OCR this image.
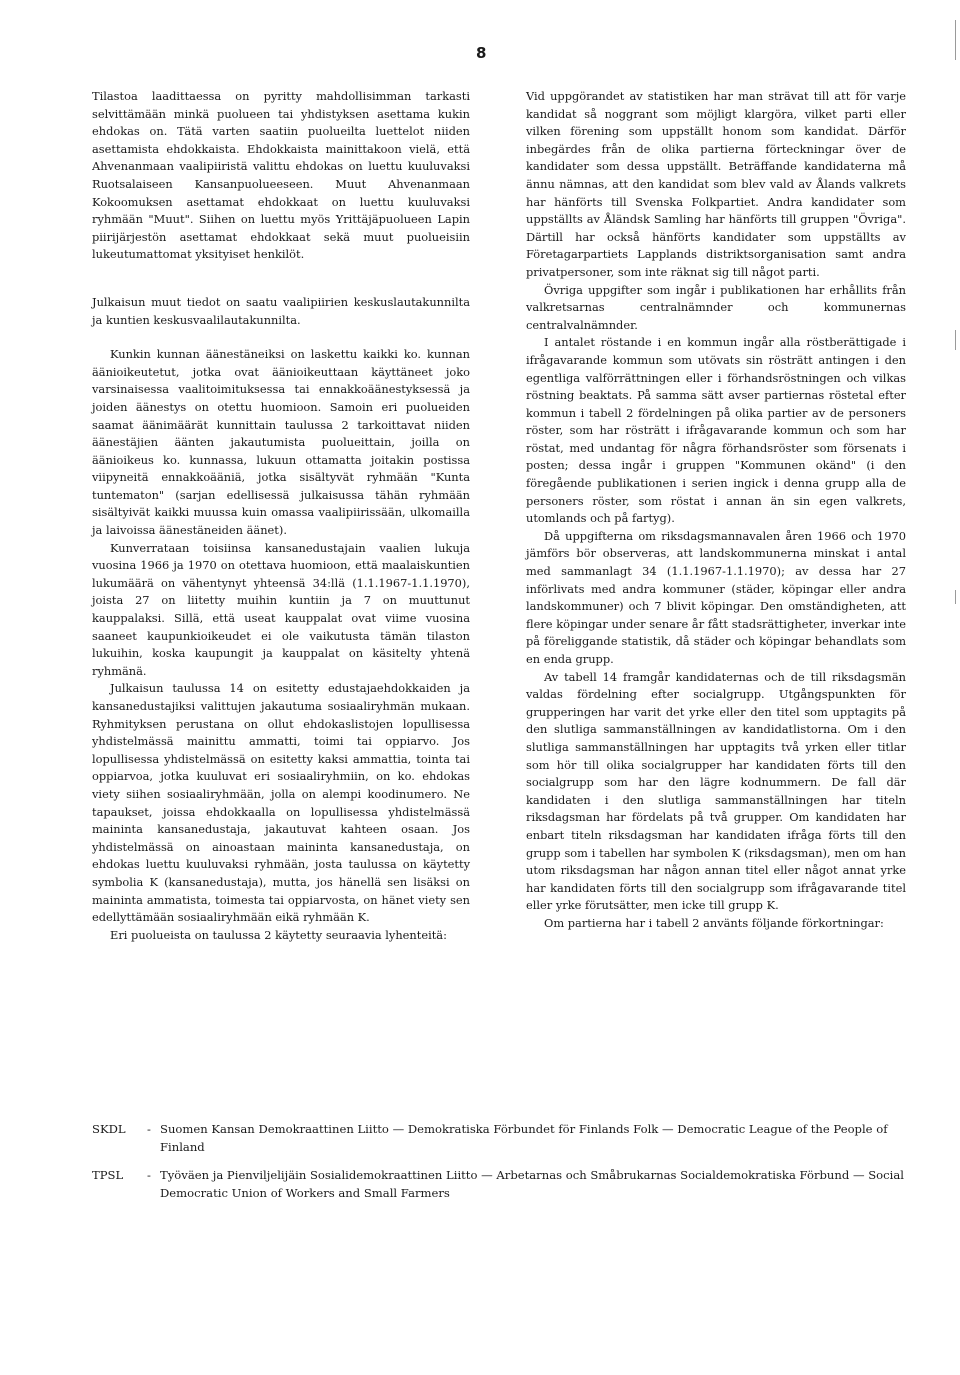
8

Tilastoa laadittaessa on pyritty mahdollisimman tarkasti selvittämään minkä puolueen tai yhdistyksen asettama kukin ehdokas on. Tätä varten saatiin puolueilta luettelot niiden asettamista ehdokkaista. Ehdokkaista mainittakoon vielä, että Ahvenanmaan vaalipiiristä valittu ehdokas on luettu kuuluvaksi Ruotsalaiseen Kansanpuolueeseen. Muut Ahvenanmaan Kokoomuksen asettamat ehdokkaat on luettu kuuluvaksi ryhmään "Muut". Siihen on luettu myös Yrittäjäpuolueen Lapin piirijärjestön asettamat ehdokkaat sekä muut puolueisiin lukeutumattomat yksityiset henkilöt.

Julkaisun muut tiedot on saatu vaalipiirien keskuslautakunnilta ja kuntien keskusvaalilautakunnilta.

Kunkin kunnan äänestäneiksi on laskettu kaikki ko. kunnan äänioikeutetut, jotka ovat äänioikeuttaan käyttäneet joko varsinaisessa vaalitoimituksessa tai ennakkoäänestyksessä ja joiden äänestys on otettu huomioon. Samoin eri puolueiden saamat äänimäärät kunnittain taulussa 2 tarkoittavat niiden äänestäjien äänten jakautumista puolueittain, joilla on äänioikeus ko. kunnassa, lukuun ottamatta joitakin postissa viipyneitä ennakkoääniä, jotka sisältyvät ryhmään "Kunta tuntematon" (sarjan edellisessä julkaisussa tähän ryhmään sisältyivät kaikki muussa kuin omassa vaalipiirissään, ulkomailla ja laivoissa äänestäneiden äänet).

Kunverrataan toisiinsa kansanedustajain vaalien lukuja vuosina 1966 ja 1970 on otettava huomioon, että maalaiskuntien lukumäärä on vähentynyt yhteensä 34:llä (1.1.1967-1.1.1970), joista 27 on liitetty muihin kuntiin ja 7 on muuttunut kauppalaksi. Sillä, että useat kauppalat ovat viime vuosina saaneet kaupunkioikeudet ei ole vaikutusta tämän tilaston lukuihin, koska kaupungit ja kauppalat on käsitelty yhtenä ryhmänä.

Julkaisun taulussa 14 on esitetty edustajaehdokkaiden ja kansanedustajiksi valittujen jakautuma sosiaaliryhmän mukaan. Ryhmityksen perustana on ollut ehdokaslistojen lopullisessa yhdistelmässä mainittu ammatti, toimi tai oppiarvo. Jos lopullisessa yhdistelmässä on esitetty kaksi ammattia, tointa tai oppiarvoa, jotka kuuluvat eri sosiaaliryhmiin, on ko. ehdokas viety siihen sosiaaliryhmään, jolla on alempi koodinumero. Ne tapaukset, joissa ehdokkaalla on lopullisessa yhdistelmässä maininta kansanedustaja, jakautuvat kahteen osaan. Jos yhdistelmässä on ainoastaan maininta kansanedustaja, on ehdokas luettu kuuluvaksi ryhmään, josta taulussa on käytetty symbolia K (kansanedustaja), mutta, jos hänellä sen lisäksi on maininta ammatista, toimesta tai oppiarvosta, on hänet viety sen edellyttämään sosiaaliryhmään eikä ryhmään K.

Eri puolueista on taulussa 2 käytetty seuraavia lyhenteitä:

Vid uppgörandet av statistiken har man strävat till att för varje kandidat så noggrant som möjligt klargöra, vilket parti eller vilken förening som uppställt honom som kandidat. Därför inbegärdes från de olika partierna förteckningar över de kandidater som dessa uppställt. Beträffande kandidaterna må ännu nämnas, att den kandidat som blev vald av Ålands valkrets har hänförts till Svenska Folkpartiet. Andra kandidater som uppställts av Åländsk Samling har hänförts till gruppen "Övriga". Därtill har också hänförts kandidater som uppställts av Företagarpartiets Lapplands distriktsorganisation samt andra privatpersoner, som inte räknat sig till något parti.

Övriga uppgifter som ingår i publikationen har erhållits från valkretsarnas centralnämnder och kommunernas centralvalnämnder.

I antalet röstande i en kommun ingår alla röstberättigade i ifrågavarande kommun som utövats sin rösträtt antingen i den egentliga valförrättningen eller i förhandsröstningen och vilkas röstning beaktats. På samma sätt avser partiernas röstetal efter kommun i tabell 2 fördelningen på olika partier av de personers röster, som har rösträtt i ifrågavarande kommun och som har röstat, med undantag för några förhandsröster som försenats i posten; dessa ingår i gruppen "Kommunen okänd" (i den föregående publikationen i serien ingick i denna grupp alla de personers röster, som röstat i annan än sin egen valkrets, utomlands och på fartyg).

Då uppgifterna om riksdagsmannavalen åren 1966 och 1970 jämförs bör observeras, att landskommunerna minskat i antal med sammanlagt 34 (1.1.1967-1.1.1970); av dessa har 27 införlivats med andra kommuner (städer, köpingar eller andra landskommuner) och 7 blivit köpingar. Den omständigheten, att flere köpingar under senare år fått stadsrättigheter, inverkar inte på föreliggande statistik, då städer och köpingar behandlats som en enda grupp.

Av tabell 14 framgår kandidaternas och de till riksdagsmän valdas fördelning efter socialgrupp. Utgångspunkten för grupperingen har varit det yrke eller den titel som upptagits på den slutliga sammanställningen av kandidatlistorna. Om i den slutliga sammanställningen har upptagits två yrken eller titlar som hör till olika socialgrupper har kandidaten förts till den socialgrupp som har den lägre kodnummern. De fall där kandidaten i den slutliga sammanställningen har titeln riksdagsman har fördelats på två grupper. Om kandidaten har enbart titeln riksdagsman har kandidaten ifråga förts till den grupp som i tabellen har symbolen K (riksdagsman), men om han utom riksdagsman har någon annan titel eller något annat yrke har kandidaten förts till den socialgrupp som ifrågavarande titel eller yrke förutsätter, men icke till grupp K.

Om partierna har i tabell 2 använts följande förkortningar:

SKDL	- Suomen Kansan Demokraattinen Liitto — Demokratiska Förbundet för Finlands Folk — Democratic League of the People of Finland
TPSL	- Työväen ja Pienviljelijäin Sosialidemokraattinen Liitto — Arbetarnas och Småbrukarnas Socialdemokratiska Förbund — Social Democratic Union of Workers and Small Farmers
